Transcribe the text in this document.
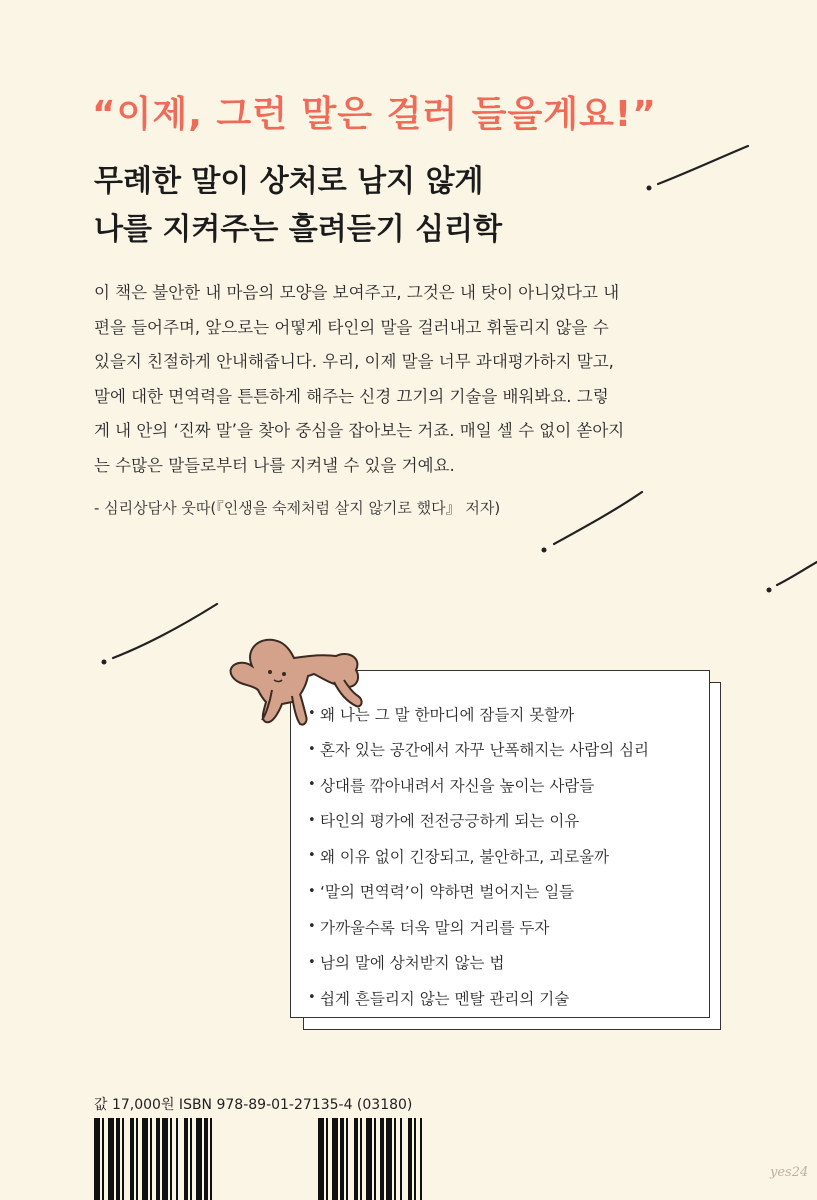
“이제, 그런 말은 걸러 들을게요!”
무례한 말이 상처로 남지 않게
나를 지켜주는 흘려듣기 심리학
이 책은 불안한 내 마음의 모양을 보여주고, 그것은 내 탓이 아니었다고 내
편을 들어주며, 앞으로는 어떻게 타인의 말을 걸러내고 휘둘리지 않을 수
있을지 친절하게 안내해줍니다. 우리, 이제 말을 너무 과대평가하지 말고,
말에 대한 면역력을 튼튼하게 해주는 신경 끄기의 기술을 배워봐요. 그렇
게 내 안의 ‘진짜 말’을 찾아 중심을 잡아보는 거죠. 매일 셀 수 없이 쏟아지
는 수많은 말들로부터 나를 지켜낼 수 있을 거예요.
- 심리상담사 웃따(『인생을 숙제처럼 살지 않기로 했다』 저자)
• 왜 나는 그 말 한마디에 잠들지 못할까
• 혼자 있는 공간에서 자꾸 난폭해지는 사람의 심리
• 상대를 깎아내려서 자신을 높이는 사람들
• 타인의 평가에 전전긍긍하게 되는 이유
• 왜 이유 없이 긴장되고, 불안하고, 괴로울까
• ‘말의 면역력’이 약하면 벌어지는 일들
• 가까울수록 더욱 말의 거리를 두자
• 남의 말에 상처받지 않는 법
• 쉽게 흔들리지 않는 멘탈 관리의 기술
값 17,000원 ISBN 978-89-01-27135-4 (03180)
yes24
